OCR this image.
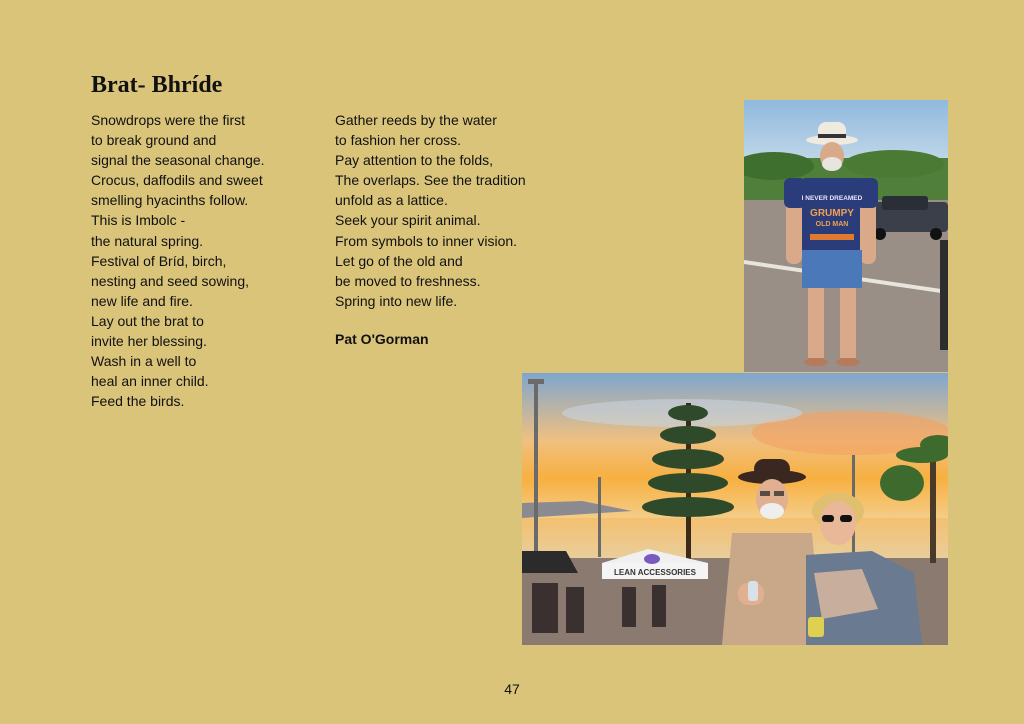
Brat- Bhríde
Snowdrops were the first
to break ground and
signal the seasonal change.
Crocus, daffodils and sweet
smelling hyacinths follow.
This is Imbolc -
the natural spring.
Festival of Bríd, birch,
nesting and seed sowing,
new life and fire.
Lay out the brat to
invite her blessing.
Wash in a well to
heal an inner child.
Feed the birds.
Gather reeds by the water
to fashion her cross.
Pay attention to the folds,
The overlaps. See the tradition
unfold as a lattice.
Seek your spirit animal.
From symbols to inner vision.
Let go of the old and
be moved to freshness.
Spring into new life.
Pat O'Gorman
I NEVER DREAMED
GRUMPY
OLD MAN
LEAN ACCESSORIES
47
